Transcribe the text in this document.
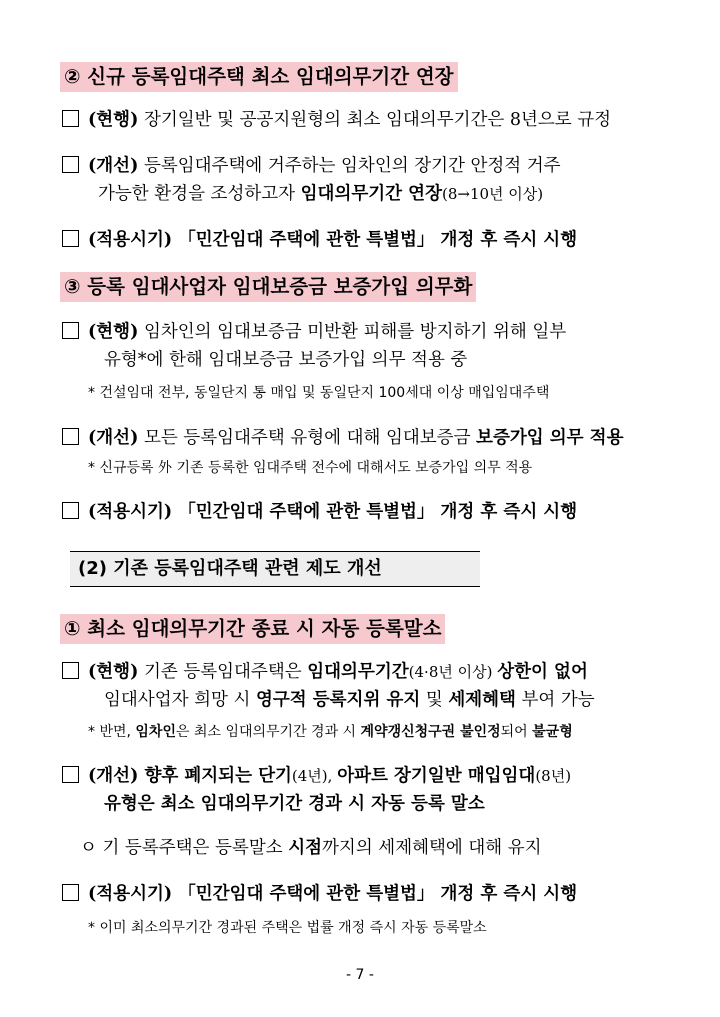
② 신규 등록임대주택 최소 임대의무기간 연장
(현행) 장기일반 및 공공지원형의 최소 임대의무기간은 8년으로 규정
(개선) 등록임대주택에 거주하는 임차인의 장기간 안정적 거주
가능한 환경을 조성하고자 임대의무기간 연장(8→10년 이상)
(적용시기) 「민간임대 주택에 관한 특별법」 개정 후 즉시 시행
③ 등록 임대사업자 임대보증금 보증가입 의무화
(현행) 임차인의 임대보증금 미반환 피해를 방지하기 위해 일부
유형*에 한해 임대보증금 보증가입 의무 적용 중
* 건설임대 전부, 동일단지 통 매입 및 동일단지 100세대 이상 매입임대주택
(개선) 모든 등록임대주택 유형에 대해 임대보증금 보증가입 의무 적용
* 신규등록 外 기존 등록한 임대주택 전수에 대해서도 보증가입 의무 적용
(적용시기) 「민간임대 주택에 관한 특별법」 개정 후 즉시 시행
(2) 기존 등록임대주택 관련 제도 개선
① 최소 임대의무기간 종료 시 자동 등록말소
(현행) 기존 등록임대주택은 임대의무기간(4·8년 이상) 상한이 없어
임대사업자 희망 시 영구적 등록지위 유지 및 세제혜택 부여 가능
* 반면, 임차인은 최소 임대의무기간 경과 시 계약갱신청구권 불인정되어 불균형
(개선) 향후 폐지되는 단기(4년), 아파트 장기일반 매입임대(8년)
유형은 최소 임대의무기간 경과 시 자동 등록 말소
ㅇ 기 등록주택은 등록말소 시점까지의 세제혜택에 대해 유지
(적용시기) 「민간임대 주택에 관한 특별법」 개정 후 즉시 시행
* 이미 최소의무기간 경과된 주택은 법률 개정 즉시 자동 등록말소
- 7 -
